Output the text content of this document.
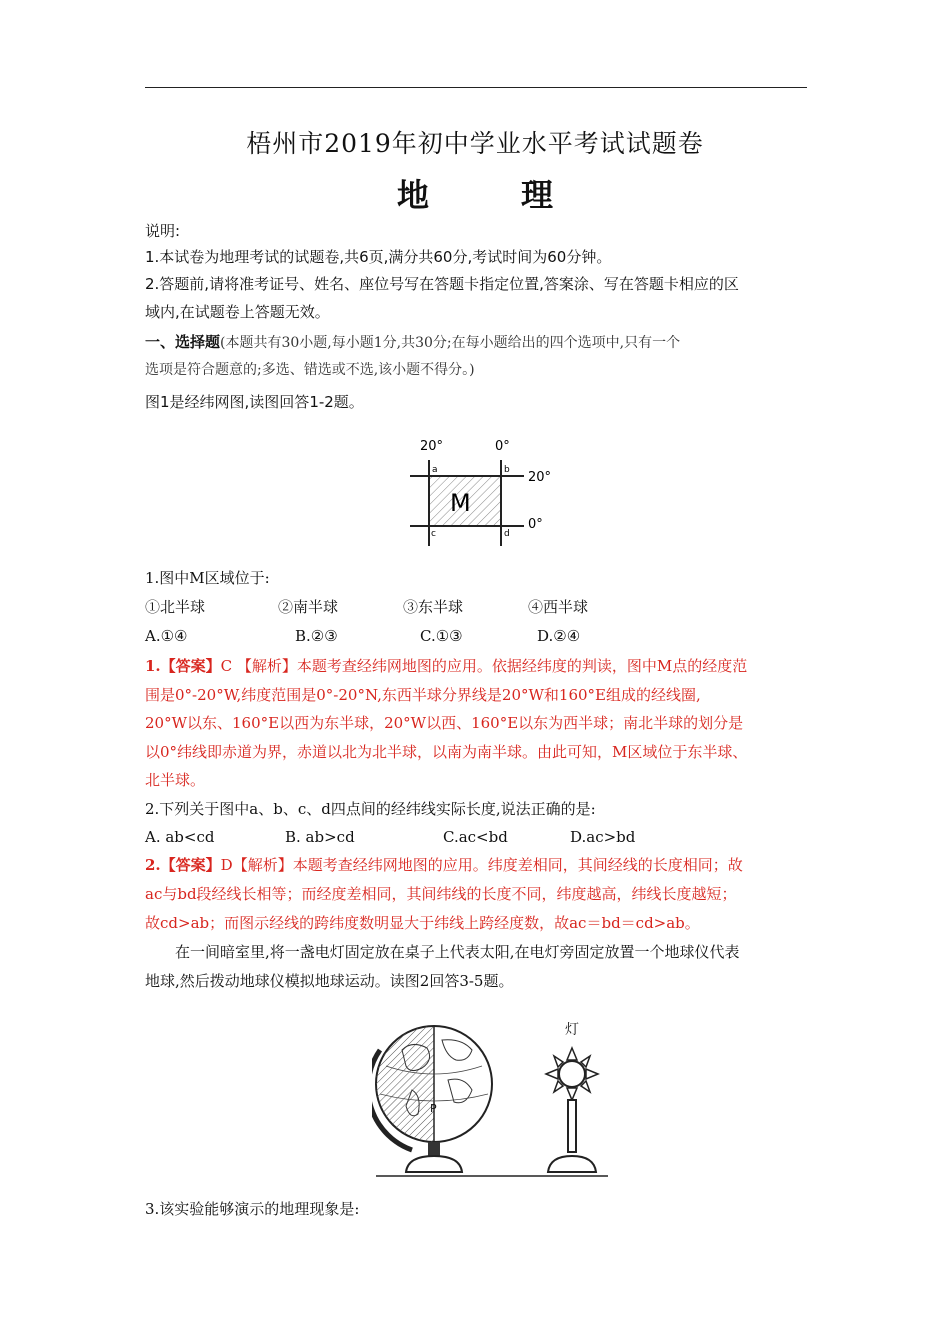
梧州市2019年初中学业水平考试试题卷
地　理
说明:
1.本试卷为地理考试的试题卷,共6页,满分共60分,考试时间为60分钟。
2.答题前,请将准考证号、姓名、座位号写在答题卡指定位置,答案涂、写在答题卡相应的区
域内,在试题卷上答题无效。
一、选择题(本题共有30小题,每小题1分,共30分;在每小题给出的四个选项中,只有一个
选项是符合题意的;多选、错选或不选,该小题不得分。)
图1是经纬网图,读图回答1-2题。
20°	0°
20°
0°
M
a	b
c	d
1.图中M区域位于:
①北半球	②南半球	③东半球	④西半球
A.①④	B.②③	C.①③	D.②④
1.【答案】C 【解析】本题考查经纬网地图的应用。依据经纬度的判读，图中M点的经度范
围是0°-20°W,纬度范围是0°-20°N,东西半球分界线是20°W和160°E组成的经线圈,
20°W以东、160°E以西为东半球，20°W以西、160°E以东为西半球；南北半球的划分是
以0°纬线即赤道为界，赤道以北为北半球，以南为南半球。由此可知，M区域位于东半球、
北半球。
2.下列关于图中a、b、c、d四点间的经纬线实际长度,说法正确的是:
A. ab<cd	B. ab>cd	C.ac<bd	D.ac>bd
2.【答案】D【解析】本题考查经纬网地图的应用。纬度差相同，其间经线的长度相同；故
ac与bd段经线长相等；而经度差相同，其间纬线的长度不同，纬度越高，纬线长度越短；
故cd>ab；而图示经线的跨纬度数明显大于纬线上跨经度数，故ac＝bd＝cd>ab。
在一间暗室里,将一盏电灯固定放在桌子上代表太阳,在电灯旁固定放置一个地球仪代表
地球,然后拨动地球仪模拟地球运动。读图2回答3-5题。
P
灯
3.该实验能够演示的地理现象是:
